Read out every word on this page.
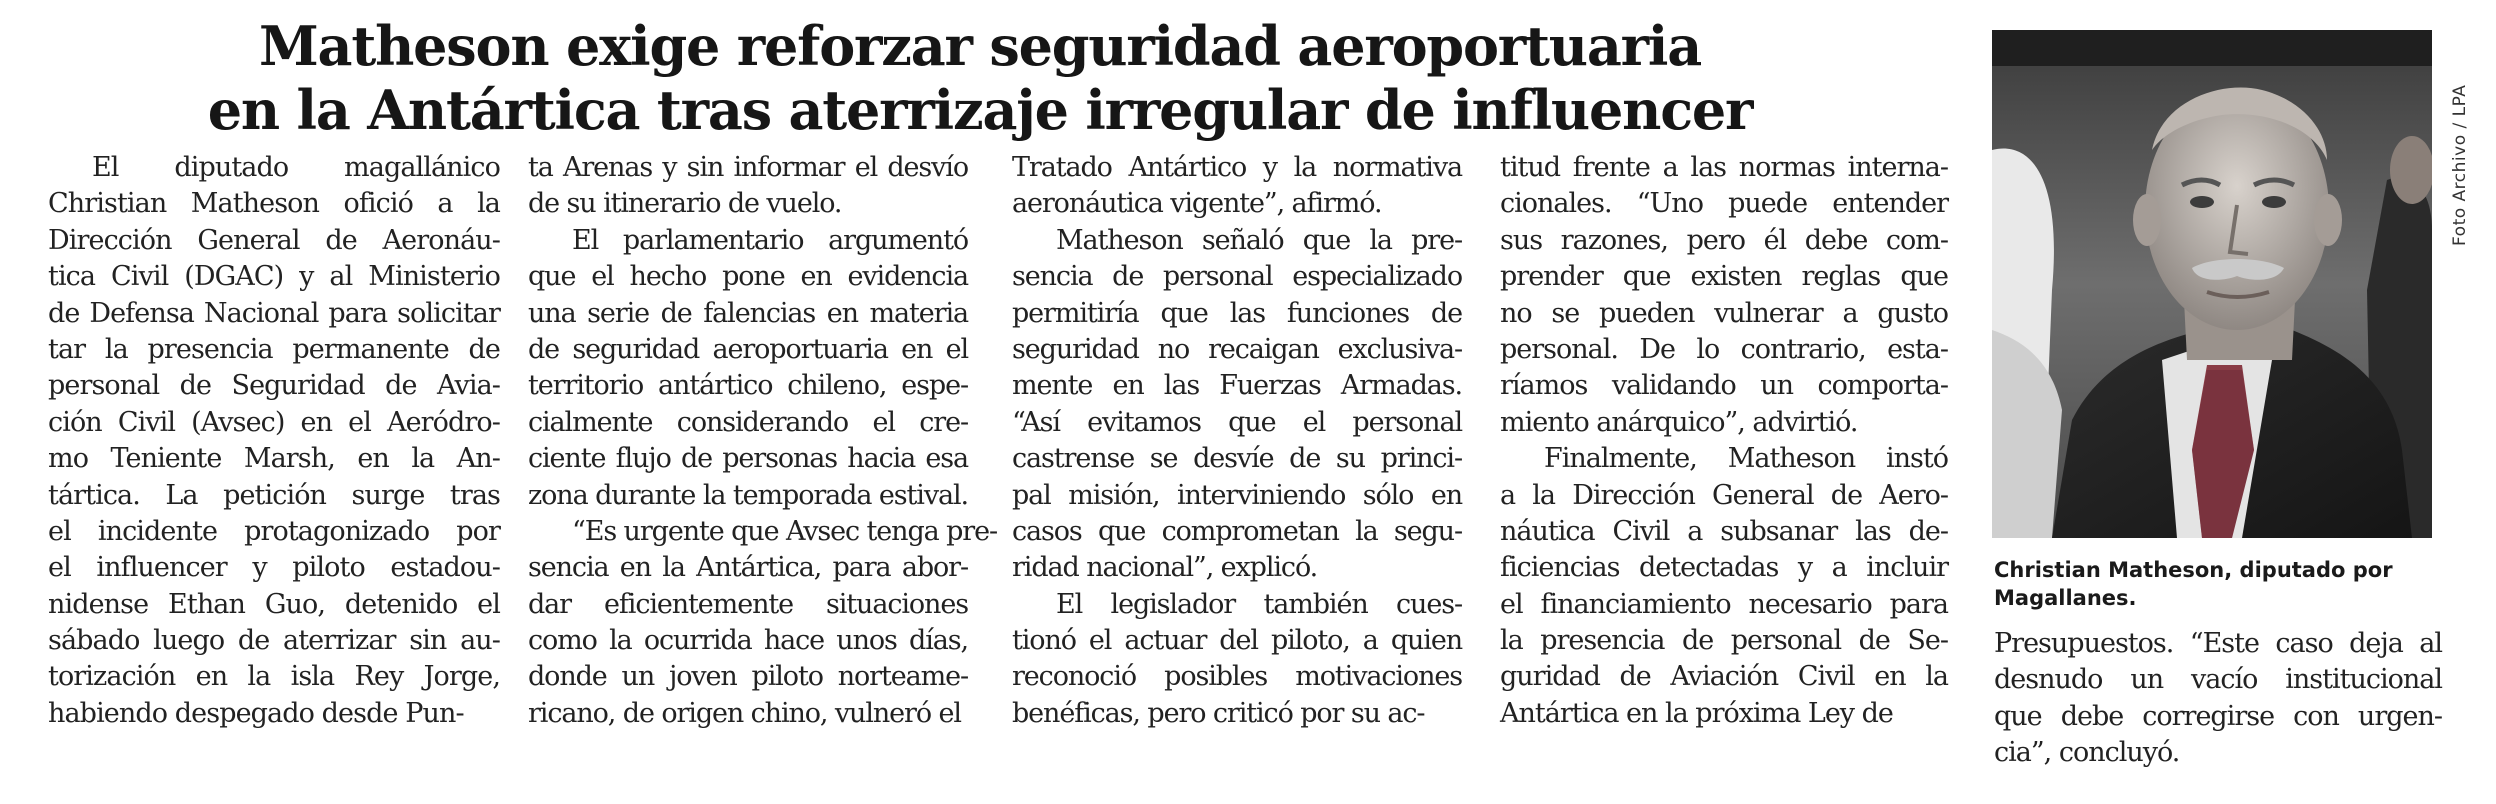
Matheson exige reforzar seguridad aeroportuaria
en la Antártica tras aterrizaje irregular de influencer
El diputado magallánico
Christian Matheson ofició a la
Dirección General de Aeronáu-
tica Civil (DGAC) y al Ministerio
de Defensa Nacional para solicitar
tar la presencia permanente de
personal de Seguridad de Avia-
ción Civil (Avsec) en el Aeródro-
mo Teniente Marsh, en la An-
tártica. La petición surge tras
el incidente protagonizado por
el influencer y piloto estadou-
nidense Ethan Guo, detenido el
sábado luego de aterrizar sin au-
torización en la isla Rey Jorge,
habiendo despegado desde Pun-
ta Arenas y sin informar el desvío
de su itinerario de vuelo.
El parlamentario argumentó
que el hecho pone en evidencia
una serie de falencias en materia
de seguridad aeroportuaria en el
territorio antártico chileno, espe-
cialmente considerando el cre-
ciente flujo de personas hacia esa
zona durante la temporada estival.
“Es urgente que Avsec tenga pre-
sencia en la Antártica, para abor-
dar eficientemente situaciones
como la ocurrida hace unos días,
donde un joven piloto norteame-
ricano, de origen chino, vulneró el
Tratado Antártico y la normativa
aeronáutica vigente”, afirmó.
Matheson señaló que la pre-
sencia de personal especializado
permitiría que las funciones de
seguridad no recaigan exclusiva-
mente en las Fuerzas Armadas.
“Así evitamos que el personal
castrense se desvíe de su princi-
pal misión, interviniendo sólo en
casos que comprometan la segu-
ridad nacional”, explicó.
El legislador también cues-
tionó el actuar del piloto, a quien
reconoció posibles motivaciones
benéficas, pero criticó por su ac-
titud frente a las normas interna-
cionales. “Uno puede entender
sus razones, pero él debe com-
prender que existen reglas que
no se pueden vulnerar a gusto
personal. De lo contrario, esta-
ríamos validando un comporta-
miento anárquico”, advirtió.
Finalmente, Matheson instó
a la Dirección General de Aero-
náutica Civil a subsanar las de-
ficiencias detectadas y a incluir
el financiamiento necesario para
la presencia de personal de Se-
guridad de Aviación Civil en la
Antártica en la próxima Ley de
Foto Archivo / LPA

Christian Matheson, diputado por
Magallanes.

Presupuestos. “Este caso deja al
desnudo un vacío institucional
que debe corregirse con urgen-
cia”, concluyó.
